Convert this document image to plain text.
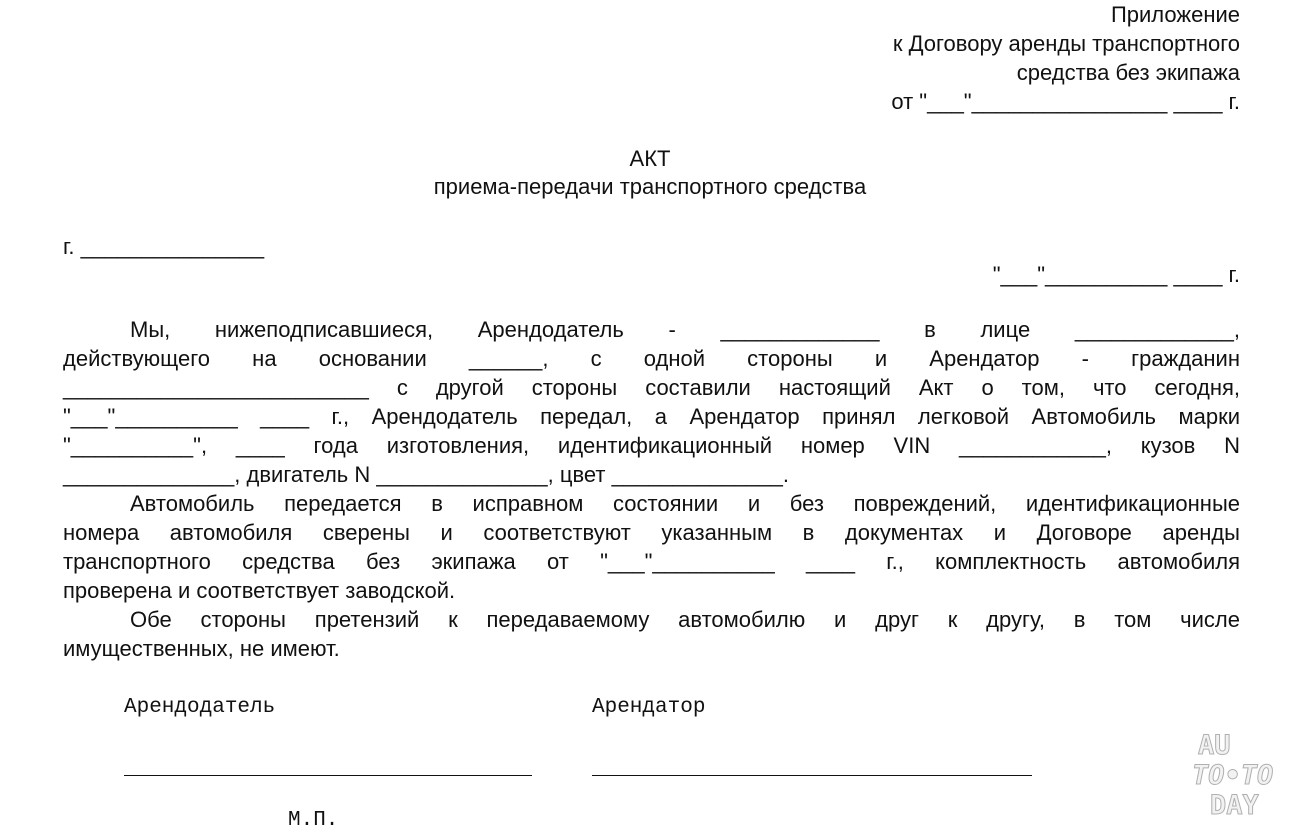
Приложение
к Договору аренды транспортного
средства без экипажа
от "___"________________ ____ г.
АКТ
приема-передачи транспортного средства
г. _______________
"___"__________ ____ г.
Мы, нижеподписавшиеся, Арендодатель - _____________ в лице _____________,
действующего на основании ______, с одной стороны и Арендатор - гражданин
_________________________ с другой стороны составили настоящий Акт о том, что сегодня,
"___"__________ ____ г., Арендодатель передал, а Арендатор принял легковой Автомобиль марки
"__________", ____ года изготовления, идентификационный номер VIN ____________, кузов N
______________, двигатель N ______________, цвет ______________.
Автомобиль передается в исправном состоянии и без повреждений, идентификационные
номера автомобиля сверены и соответствуют указанным в документах и Договоре аренды
транспортного средства без экипажа от "___"__________ ____ г., комплектность автомобиля
проверена и соответствует заводской.
Обе стороны претензий к передаваемому автомобилю и друг к другу, в том числе
имущественных, не имеют.
Арендодатель	Арендатор
М.П.
AU
TO•TO
DAY
